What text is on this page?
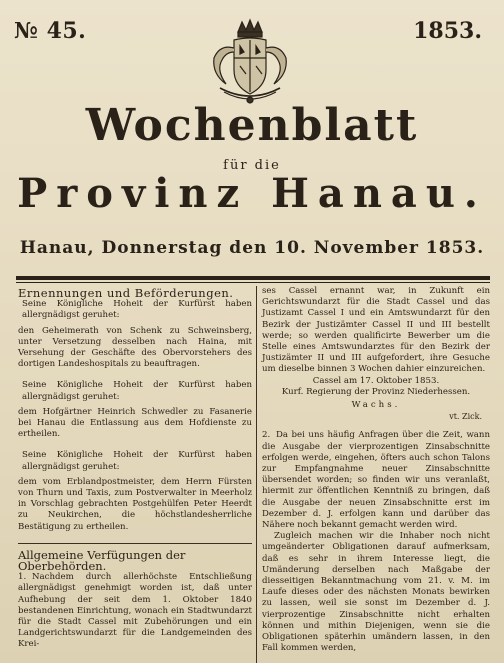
№ 45.	1853.
Wochenblatt
für die
Provinz Hanau.
Hanau, Donnerstag den 10. November 1853.

Ernennungen und Beförderungen.

Seine Königliche Hoheit der Kurfürst haben allergnädigst geruhet:

den Geheimerath von Schenk zu Schweinsberg, unter Versetzung desselben nach Haina, mit Versehung der Geschäfte des Obervorstehers des dortigen Landeshospitals zu beauftragen.

Seine Königliche Hoheit der Kurfürst haben allergnädigst geruhet:

dem Hofgärtner Heinrich Schwedler zu Fasanerie bei Hanau die Entlassung aus dem Hofdienste zu ertheilen.

Seine Königliche Hoheit der Kurfürst haben allergnädigst geruhet:

dem vom Erblandpostmeister, dem Herrn Fürsten von Thurn und Taxis, zum Postverwalter in Meerholz in Vorschlag gebrachten Postgehülfen Peter Heerdt zu Neukirchen, die höchstlandesherrliche Bestätigung zu ertheilen.

Allgemeine Verfügungen der Oberbehörden.

1. Nachdem durch allerhöchste Entschließung allergnädigst genehmigt worden ist, daß unter Aufhebung der seit dem 1. Oktober 1840 bestandenen Einrichtung, wonach ein Stadtwundarzt für die Stadt Cassel mit Zubehörungen und ein Landgerichtswundarzt für die Landgemeinden des Krei-

ses Cassel ernannt war, in Zukunft ein Gerichtswundarzt für die Stadt Cassel und das Justizamt Cassel I und ein Amtswundarzt für den Bezirk der Justizämter Cassel II und III bestellt werde; so werden qualificirte Bewerber um die Stelle eines Amtswundarztes für den Bezirk der Justizämter II und III aufgefordert, ihre Gesuche um dieselbe binnen 3 Wochen dahier einzureichen.

Cassel am 17. Oktober 1853.

Kurf. Regierung der Provinz Niederhessen.

Wachs.

vt. Zick.

2. Da bei uns häufig Anfragen über die Zeit, wann die Ausgabe der vierprozentigen Zinsabschnitte erfolgen werde, eingehen, öfters auch schon Talons zur Empfangnahme neuer Zinsabschnitte übersendet worden; so finden wir uns veranlaßt, hiermit zur öffentlichen Kenntniß zu bringen, daß die Ausgabe der neuen Zinsabschnitte erst im Dezember d. J. erfolgen kann und darüber das Nähere noch bekannt gemacht werden wird.

Zugleich machen wir die Inhaber noch nicht umgeänderter Obligationen darauf aufmerksam, daß es sehr in ihrem Interesse liegt, die Umänderung derselben nach Maßgabe der diesseitigen Bekanntmachung vom 21. v. M. im Laufe dieses oder des nächsten Monats bewirken zu lassen, weil sie sonst im Dezember d. J. vierprozentige Zinsabschnitte nicht erhalten können und mithin Diejenigen, wenn sie die Obligationen späterhin umändern lassen, in den Fall kommen werden,
